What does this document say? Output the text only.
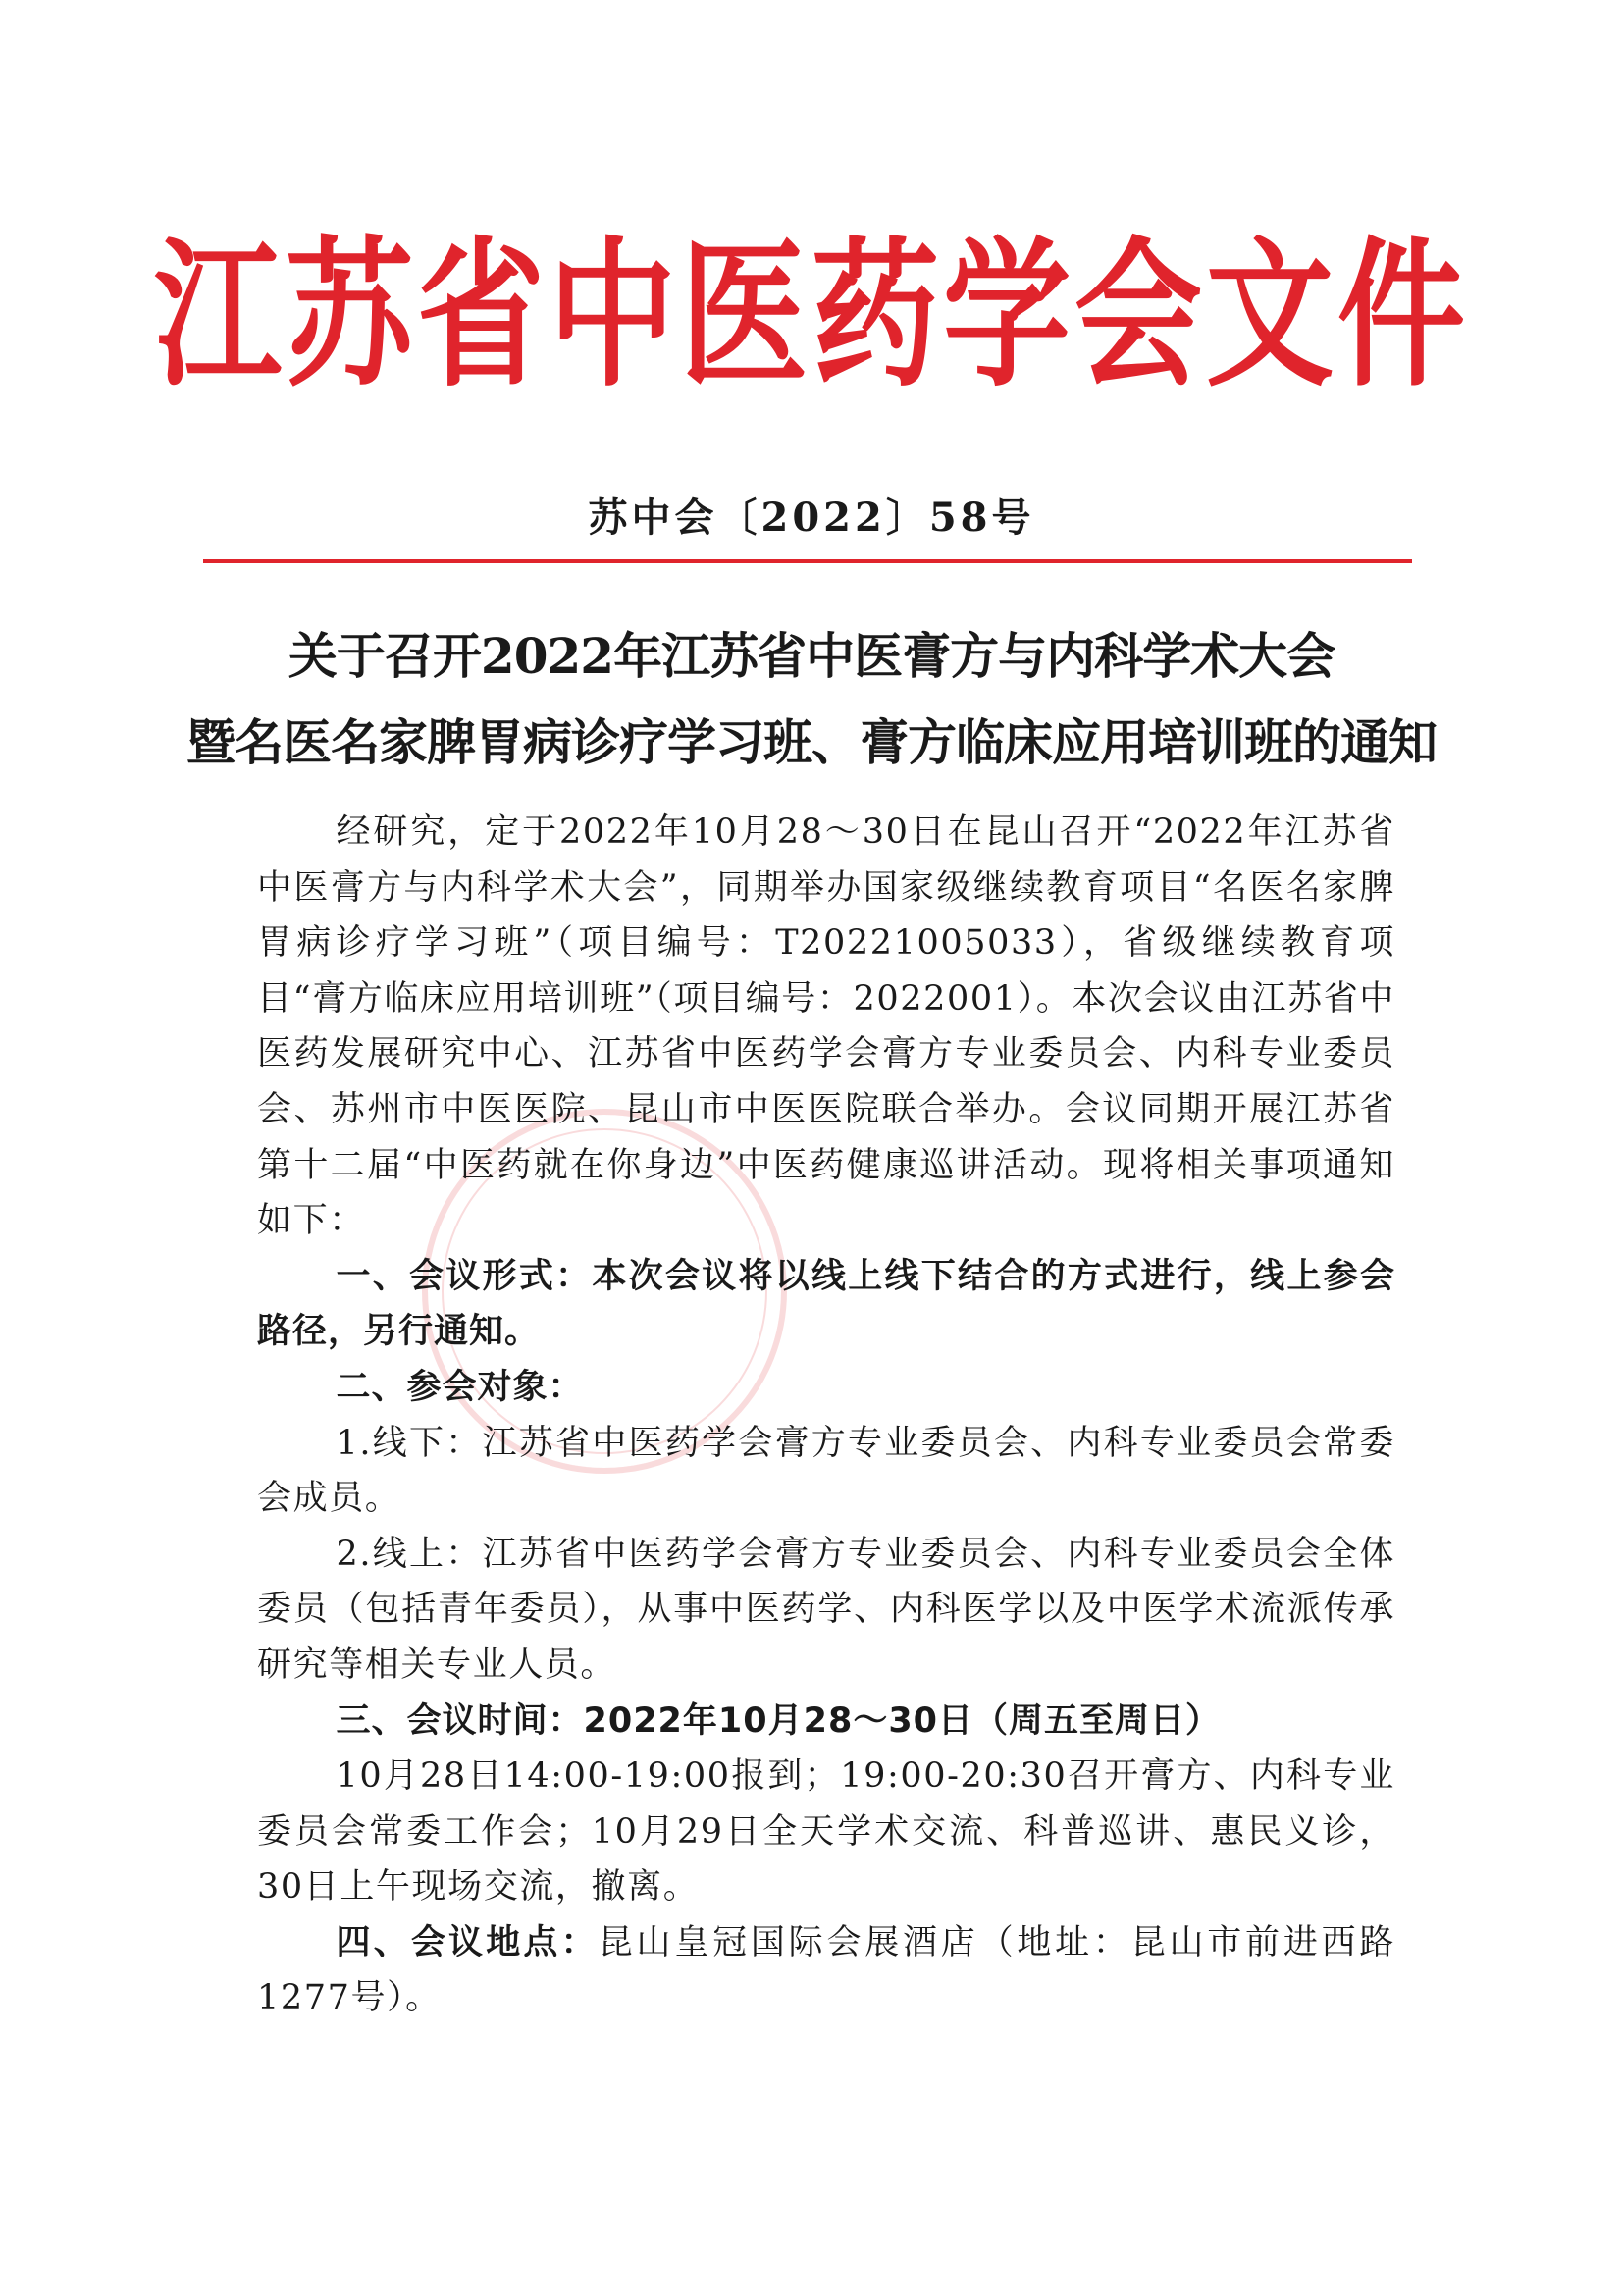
江苏省中医药学会文件
苏中会〔2022〕58号
关于召开2022年江苏省中医膏方与内科学术大会
暨名医名家脾胃病诊疗学习班、膏方临床应用培训班的通知

经研究，定于2022年10月28～30日在昆山召开“2022年江苏省中医膏方与内科学术大会”，同期举办国家级继续教育项目“名医名家脾胃病诊疗学习班”（项目编号：T20221005033），省级继续教育项目“膏方临床应用培训班”（项目编号：2022001）。本次会议由江苏省中医药发展研究中心、江苏省中医药学会膏方专业委员会、内科专业委员会、苏州市中医医院、昆山市中医医院联合举办。会议同期开展江苏省第十二届“中医药就在你身边”中医药健康巡讲活动。现将相关事项通知如下：

一、会议形式：本次会议将以线上线下结合的方式进行，线上参会路径，另行通知。

二、参会对象：

1.线下：江苏省中医药学会膏方专业委员会、内科专业委员会常委会成员。

2.线上：江苏省中医药学会膏方专业委员会、内科专业委员会全体委员（包括青年委员），从事中医药学、内科医学以及中医学术流派传承研究等相关专业人员。

三、会议时间：2022年10月28～30日（周五至周日）

10月28日14:00-19:00报到；19:00-20:30召开膏方、内科专业委员会常委工作会；10月29日全天学术交流、科普巡讲、惠民义诊，30日上午现场交流，撤离。

四、会议地点：昆山皇冠国际会展酒店（地址：昆山市前进西路1277号）。
